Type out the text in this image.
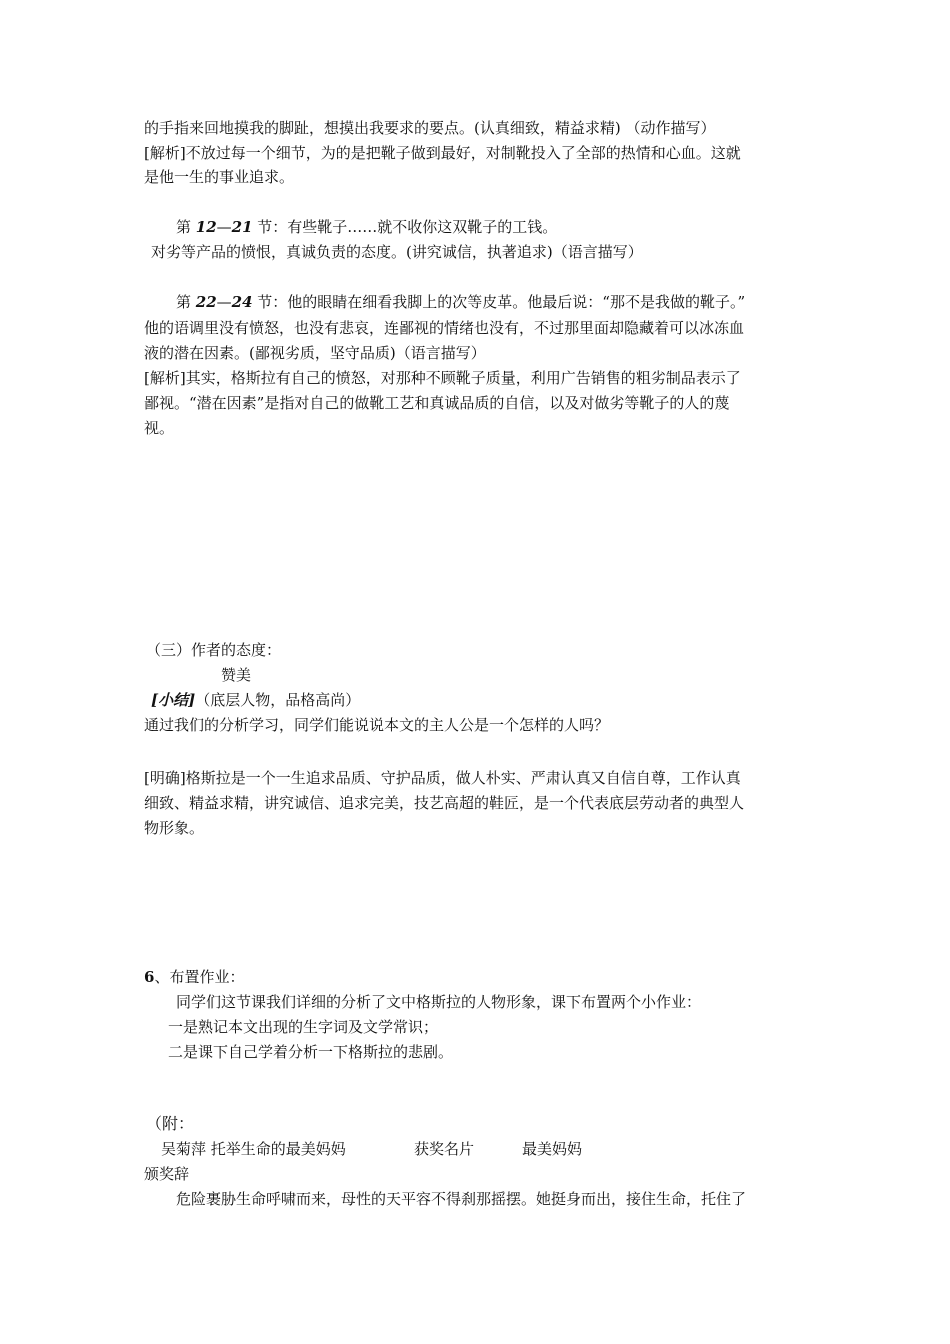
的手指来回地摸我的脚趾，想摸出我要求的要点。(认真细致，精益求精) （动作描写）
[解析]不放过每一个细节，为的是把靴子做到最好，对制靴投入了全部的热情和心血。这就
是他一生的事业追求。
第 12—21 节：有些靴子……就不收你这双靴子的工钱。
对劣等产品的愤恨，真诚负责的态度。(讲究诚信，执著追求)（语言描写）
第 22—24 节：他的眼睛在细看我脚上的次等皮革。他最后说：“那不是我做的靴子。”
他的语调里没有愤怒，也没有悲哀，连鄙视的情绪也没有，不过那里面却隐藏着可以冰冻血
液的潜在因素。(鄙视劣质，坚守品质)（语言描写）
[解析]其实，格斯拉有自己的愤怒，对那种不顾靴子质量，利用广告销售的粗劣制品表示了
鄙视。“潜在因素”是指对自己的做靴工艺和真诚品质的自信，以及对做劣等靴子的人的蔑
视。
（三）作者的态度：
赞美
[小结]（底层人物，品格高尚）
通过我们的分析学习，同学们能说说本文的主人公是一个怎样的人吗？
[明确]格斯拉是一个一生追求品质、守护品质，做人朴实、严肃认真又自信自尊，工作认真
细致、精益求精，讲究诚信、追求完美，技艺高超的鞋匠，是一个代表底层劳动者的典型人
物形象。
6、布置作业：
同学们这节课我们详细的分析了文中格斯拉的人物形象，课下布置两个小作业：
一是熟记本文出现的生字词及文学常识；
二是课下自己学着分析一下格斯拉的悲剧。
（附：
吴菊萍 托举生命的最美妈妈	获奖名片	最美妈妈
颁奖辞
危险裹胁生命呼啸而来，母性的天平容不得刹那摇摆。她挺身而出，接住生命，托住了
